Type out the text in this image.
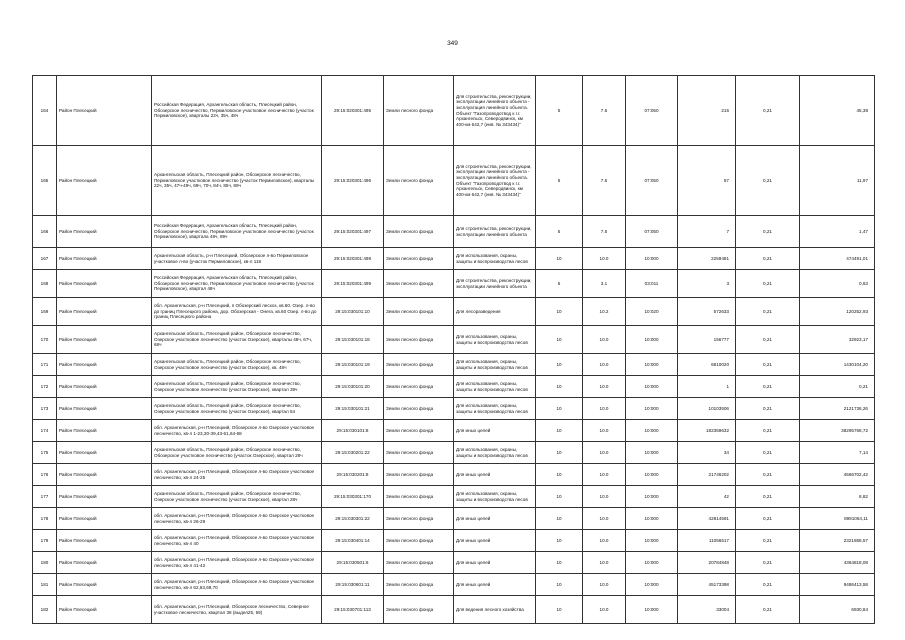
349
164	Район Плесецкий	Российская Федерация, Архангельская область, Плесецкий район, Обозерское лесничество, Пермиловское участковое лесничество (участок Пермиловское), кварталы 22ч, 35ч, 48ч	29:15:020301:495	Земли лесного фонда	Для строительства, реконструкции, эксплуатации линейного объекта - эксплуатация линейного объекта. Объект "Газопроводотвод к г.г. Архангельск, Северодвинск, км 400-км 642,7 (инв. № 343434)"	5	7.5	07:050	215	0,21	45,38
165	Район Плесецкий	Архангельская область, Плесецкий район, Обозерское лесничество, Пермиловское участковое лесничество (участок Пермиловское), кварталы 22ч, 35ч, 47ч-49ч, 69ч, 70ч, 84ч, 85ч, 89ч	29:15:020301:496	Земли лесного фонда	Для строительства, реконструкции, эксплуатации линейного объекта - эксплуатация линейного объекта. Объект "Газопроводотвод к г.г. Архангельск, Северодвинск, км 400-км 642,7 (инв. № 343434)"	5	7.5	07:050	57	0,21	11,97
166	Район Плесецкий	Российская Федерация, Архангельская область, Плесецкий район, Обозерское лесничество, Пермиловское участковое лесничество (участок Пермиловское), квартала 48ч, 89ч	29:15:020301:497	Земли лесного фонда	Для строительства, реконструкции, эксплуатации линейного объекта	5	7.5	07:050	7	0,21	1,47
167	Район Плесецкий	Архангельская область, р-н Плесецкий, Обозерское л-во Пермиловское участковое л-во (участок Пермиловское), кв-л 118	29:15:020301:498	Земли лесного фонда	Для использования, охраны, защиты и воспроизводства лесов	10	10.0	10:000	2259481	0,21	474491,01
168	Район Плесецкий	Российская Федерация, Архангельская область, Плесецкий район, Обозерское лесничество, Пермиловское участковое лесничество (участок Пермиловское), квартал 48ч	29:15:020301:499	Земли лесного фонда	Для строительства, реконструкции, эксплуатации линейного объекта	5	3.1	03:011	3	0,21	0,63
169	Район Плесецкий	обл. Архангельская, р-н Плесецкий, п Обозерский лесхоз, кв.60. Озер. л-во до границ Плесецкого района, дор. Обозерская - Онега, кв.60 Озер. л-во до границ Плесецкого района	29:15:030101:10	Земли лесного фонда	Для лесоразведения	10	10.2	10:020	572633	0,21	120252,93
170	Район Плесецкий	Архангельская область, Плесецкий район, Обозерское лесничество, Озерское участковое лесничество (участок Озерское), кварталы 48ч, 67ч, 68ч	29:15:030101:18	Земли лесного фонда	Для использования, охраны, защиты и воспроизводства лесов	10	10.0	10:000	156777	0,21	32923,17
171	Район Плесецкий	Архангельская область, Плесецкий район, Обозерское лесничество, Озерское участковое лесничество (участок Озерское), кв. 48ч	29:15:030101:19	Земли лесного фонда	Для использования, охраны, защиты и воспроизводства лесов	10	10.0	10:000	6810020	0,21	1430104,20
172	Район Плесецкий	Архангельская область, Плесецкий район, Обозерское лесничество, Озерское участковое лесничество (участок Озерское), квартал 39ч	29:15:030101:20	Земли лесного фонда	Для использования, охраны, защиты и воспроизводства лесов	10	10.0	10:000	1	0,21	0,21
173	Район Плесецкий	Архангельская область, Плесецкий район, Обозерское лесничество, Озерское участковое лесничество (участок Озерское), квартал 54	29:15:030101:21	Земли лесного фонда	Для использования, охраны, защиты и воспроизводства лесов	10	10.0	10:000	10103506	0,21	2121736,26
174	Район Плесецкий	обл. Архангельская, р-н Плесецкий, Обозерское л-во Озерское участковое лесничество, кв-л 1-23,30-39,43-61,64-68	29:15:030101:8	Земли лесного фонда	Для иных целей	10	10.0	10:000	182359632	0,21	38295768,72
175	Район Плесецкий	Архангельская область, Плесецкий район, Обозерское лесничество, Обозерское участковое лесничество (участок Озерское), квартал 28ч	29:15:030201:22	Земли лесного фонда	Для использования, охраны, защиты и воспроизводства лесов	10	10.0	10:000	34	0,21	7,14
176	Район Плесецкий	обл. Архангельская, р-н Плесецкий, Обозерское л-во Озерское участковое лесничество, кв-л 24-25	29:15:030201:8	Земли лесного фонда	Для иных целей	10	10.0	10:000	21746202	0,21	4566702,42
177	Район Плесецкий	Архангельская область, Плесецкий район, Обозерское лесничество, Озерское участковое лесничество (участок Озерское), квартал 28ч	29:15:030301:170	Земли лесного фонда	Для использования, охраны, защиты и воспроизводства лесов	10	10.0	10:000	42	0,21	8,82
178	Район Плесецкий	обл. Архангельская, р-н Плесецкий, Обозерское л-во Озерское участковое лесничество, кв-л 26-29	29:15:030301:22	Земли лесного фонда	Для иных целей	10	10.0	10:000	42814591	0,21	8991064,11
179	Район Плесецкий	обл. Архангельская, р-н Плесецкий, Обозерское л-во Озерское участковое лесничество, кв-л 40	29:15:030401:14	Земли лесного фонда	Для иных целей	10	10.0	10:000	11056517	0,21	2321868,57
180	Район Плесецкий	обл. Архангельская, р-н Плесецкий, Обозерское л-во Озерское участковое лесничество, кв-л 41-42	29:15:030501:6	Земли лесного фонда	Для иных целей	10	10.0	10:000	20784848	0,21	4364818,08
181	Район Плесецкий	обл. Архангельская, р-н Плесецкий, Обозерское л-во Озерское участковое лесничество, кв-л 62,63,69,70	29:15:030601:11	Земли лесного фонда	Для иных целей	10	10.0	10:000	45173398	0,21	9486413,58
182	Район Плесецкий	обл. Архангельская, р-н Плесецкий, Обозерское лесничество, Северное участковое лесничество, квартал 38 (выдел25, 59)	29:15:030701:113	Земли лесного фонда	Для ведения лесного хозяйства	10	10.0	10:000	33004	0,21	6930,84
